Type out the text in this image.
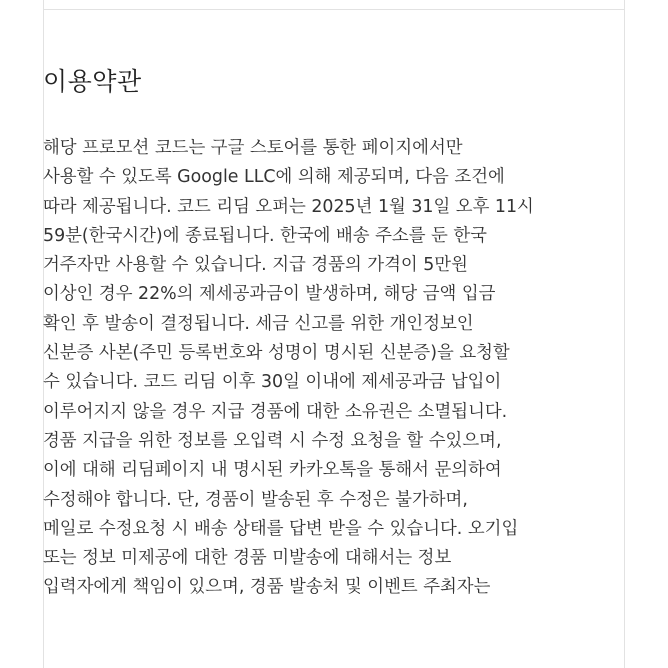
이용약관
해당 프로모션 코드는 구글 스토어를 통한 페이지에서만
사용할 수 있도록 Google LLC에 의해 제공되며, 다음 조건에
따라 제공됩니다. 코드 리딤 오퍼는 2025년 1월 31일 오후 11시
59분(한국시간)에 종료됩니다. 한국에 배송 주소를 둔 한국
거주자만 사용할 수 있습니다. 지급 경품의 가격이 5만원
이상인 경우 22%의 제세공과금이 발생하며, 해당 금액 입금
확인 후 발송이 결정됩니다. 세금 신고를 위한 개인정보인
신분증 사본(주민 등록번호와 성명이 명시된 신분증)을 요청할
수 있습니다. 코드 리딤 이후 30일 이내에 제세공과금 납입이
이루어지지 않을 경우 지급 경품에 대한 소유권은 소멸됩니다.
경품 지급을 위한 정보를 오입력 시 수정 요청을 할 수있으며,
이에 대해 리딤페이지 내 명시된 카카오톡을 통해서 문의하여
수정해야 합니다. 단, 경품이 발송된 후 수정은 불가하며,
메일로 수정요청 시 배송 상태를 답변 받을 수 있습니다. 오기입
또는 정보 미제공에 대한 경품 미발송에 대해서는 정보
입력자에게 책임이 있으며, 경품 발송처 및 이벤트 주최자는
